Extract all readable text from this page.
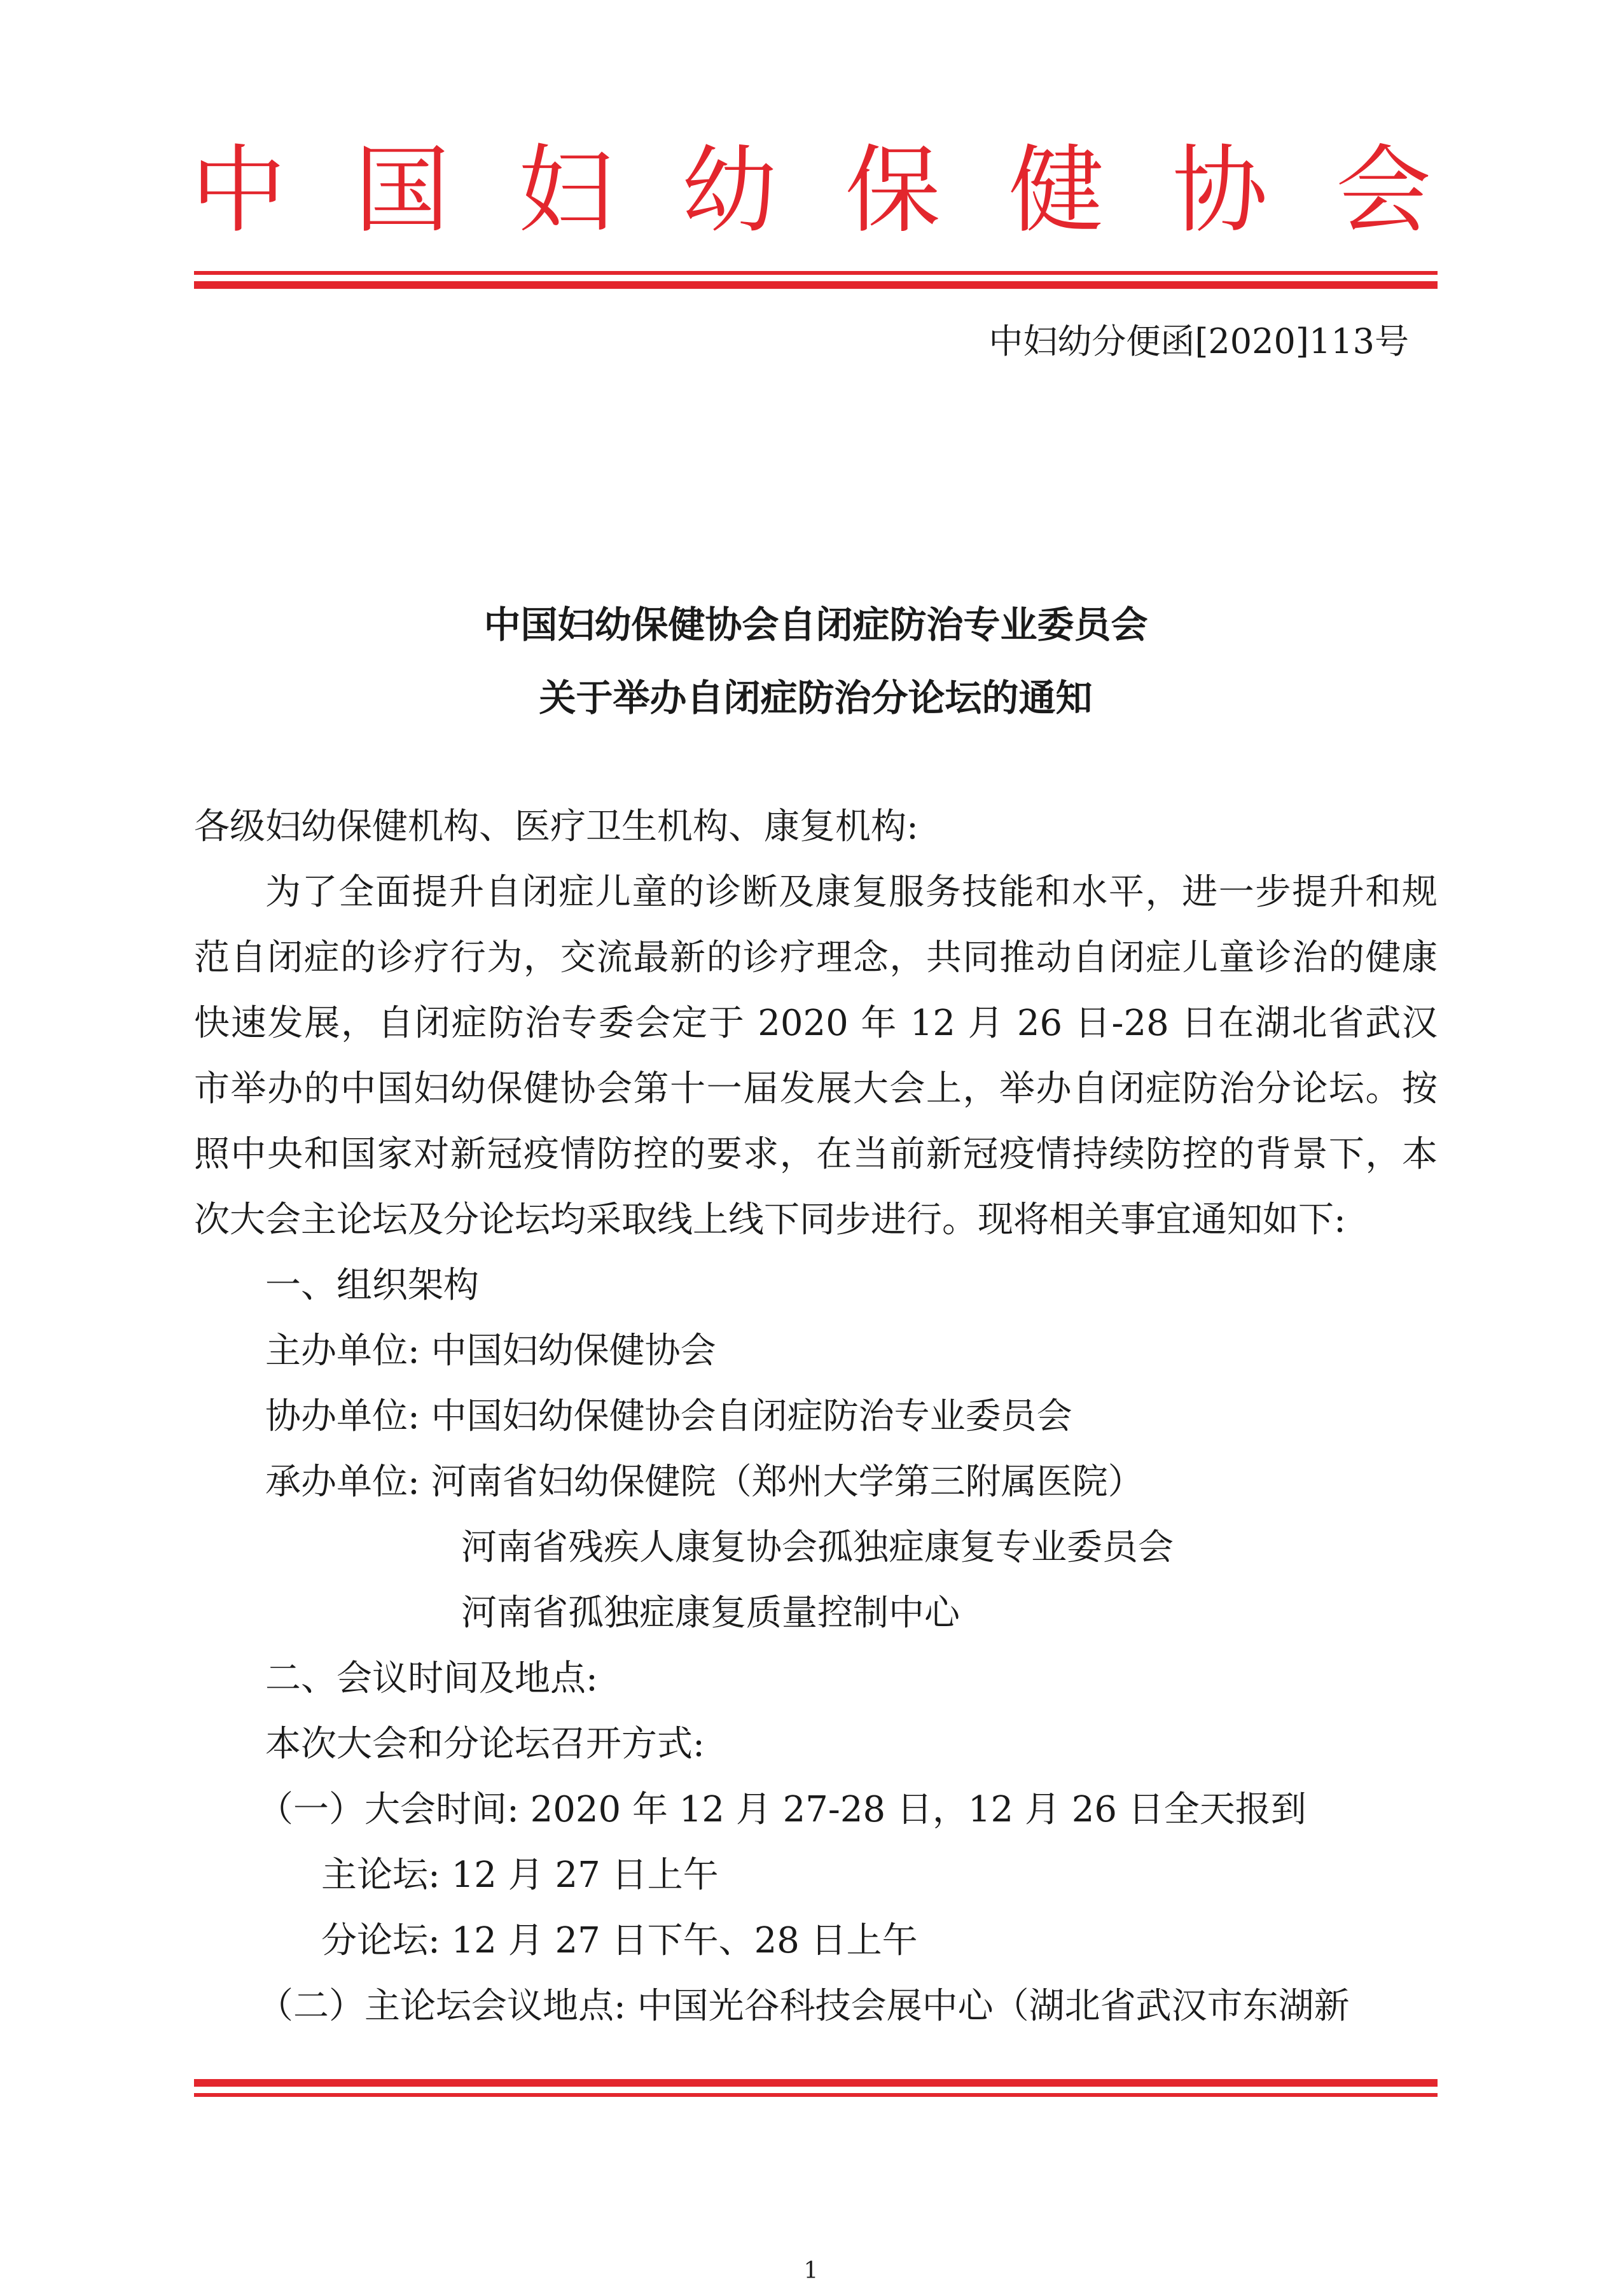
中 国 妇 幼 保 健 协 会
中妇幼分便函[2020]113号
中国妇幼保健协会自闭症防治专业委员会
关于举办自闭症防治分论坛的通知

各级妇幼保健机构、医疗卫生机构、康复机构:

为了全面提升自闭症儿童的诊断及康复服务技能和水平，进一步提升和规范自闭症的诊疗行为，交流最新的诊疗理念，共同推动自闭症儿童诊治的健康快速发展，自闭症防治专委会定于 2020 年 12 月 26 日-28 日在湖北省武汉市举办的中国妇幼保健协会第十一届发展大会上，举办自闭症防治分论坛。按照中央和国家对新冠疫情防控的要求，在当前新冠疫情持续防控的背景下，本次大会主论坛及分论坛均采取线上线下同步进行。现将相关事宜通知如下:

一、组织架构

主办单位: 中国妇幼保健协会

协办单位: 中国妇幼保健协会自闭症防治专业委员会

承办单位: 河南省妇幼保健院（郑州大学第三附属医院）

河南省残疾人康复协会孤独症康复专业委员会

河南省孤独症康复质量控制中心

二、会议时间及地点:

本次大会和分论坛召开方式:

（一）大会时间: 2020 年 12 月 27-28 日，12 月 26 日全天报到

主论坛: 12 月 27 日上午

分论坛: 12 月 27 日下午、28 日上午

（二）主论坛会议地点: 中国光谷科技会展中心（湖北省武汉市东湖新

1
